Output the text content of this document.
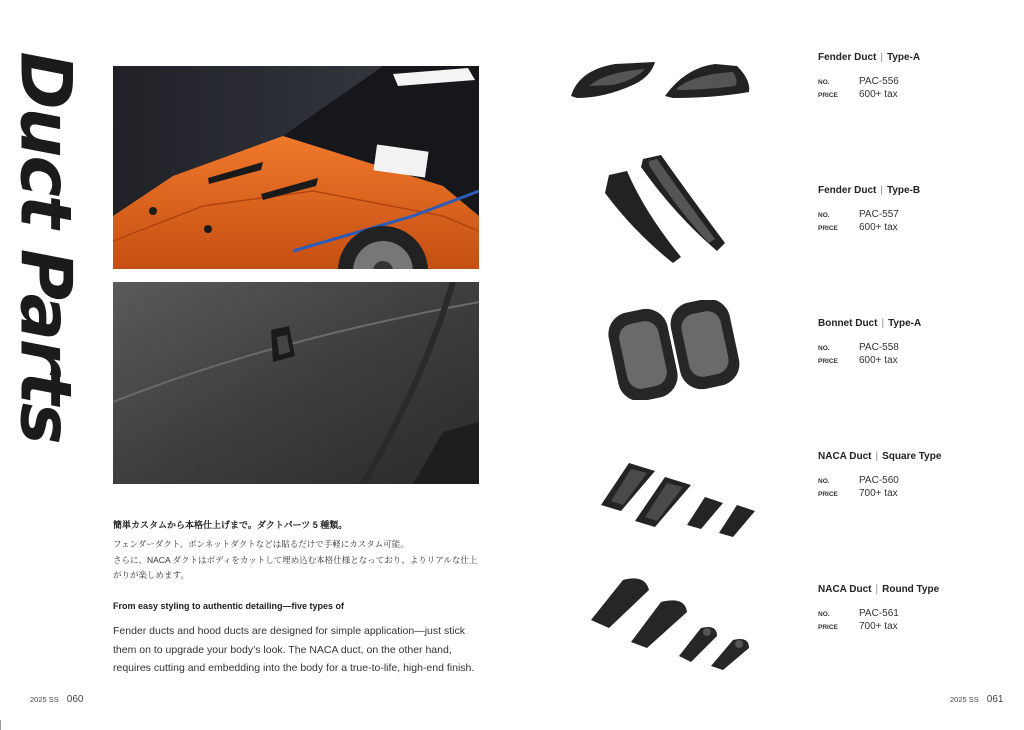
Duct Parts
簡単カスタムから本格仕上げまで。ダクトパーツ 5 種類。

フェンダーダクト、ボンネットダクトなどは貼るだけで手軽にカスタム可能。

さらに、NACA ダクトはボディをカットして埋め込む本格仕様となっており、よりリアルな仕上

がりが楽しめます。

From easy styling to authentic detailing—five types of
Fender ducts and hood ducts are designed for simple application—just stick them on to upgrade your body’s look. The NACA duct, on the other hand, requires cutting and embedding into the body for a true-to-life, high-end finish.
2025 SS 060
Fender Duct | Type-A
NO.	PAC-556
PRICE 600+ tax
Fender Duct | Type-B
NO.	PAC-557
PRICE 600+ tax
Bonnet Duct | Type-A
NO.	PAC-558
PRICE 600+ tax
NACA Duct | Square Type
NO.	PAC-560
PRICE 700+ tax
NACA Duct | Round Type
NO.	PAC-561
PRICE 700+ tax
2025 SS 061
